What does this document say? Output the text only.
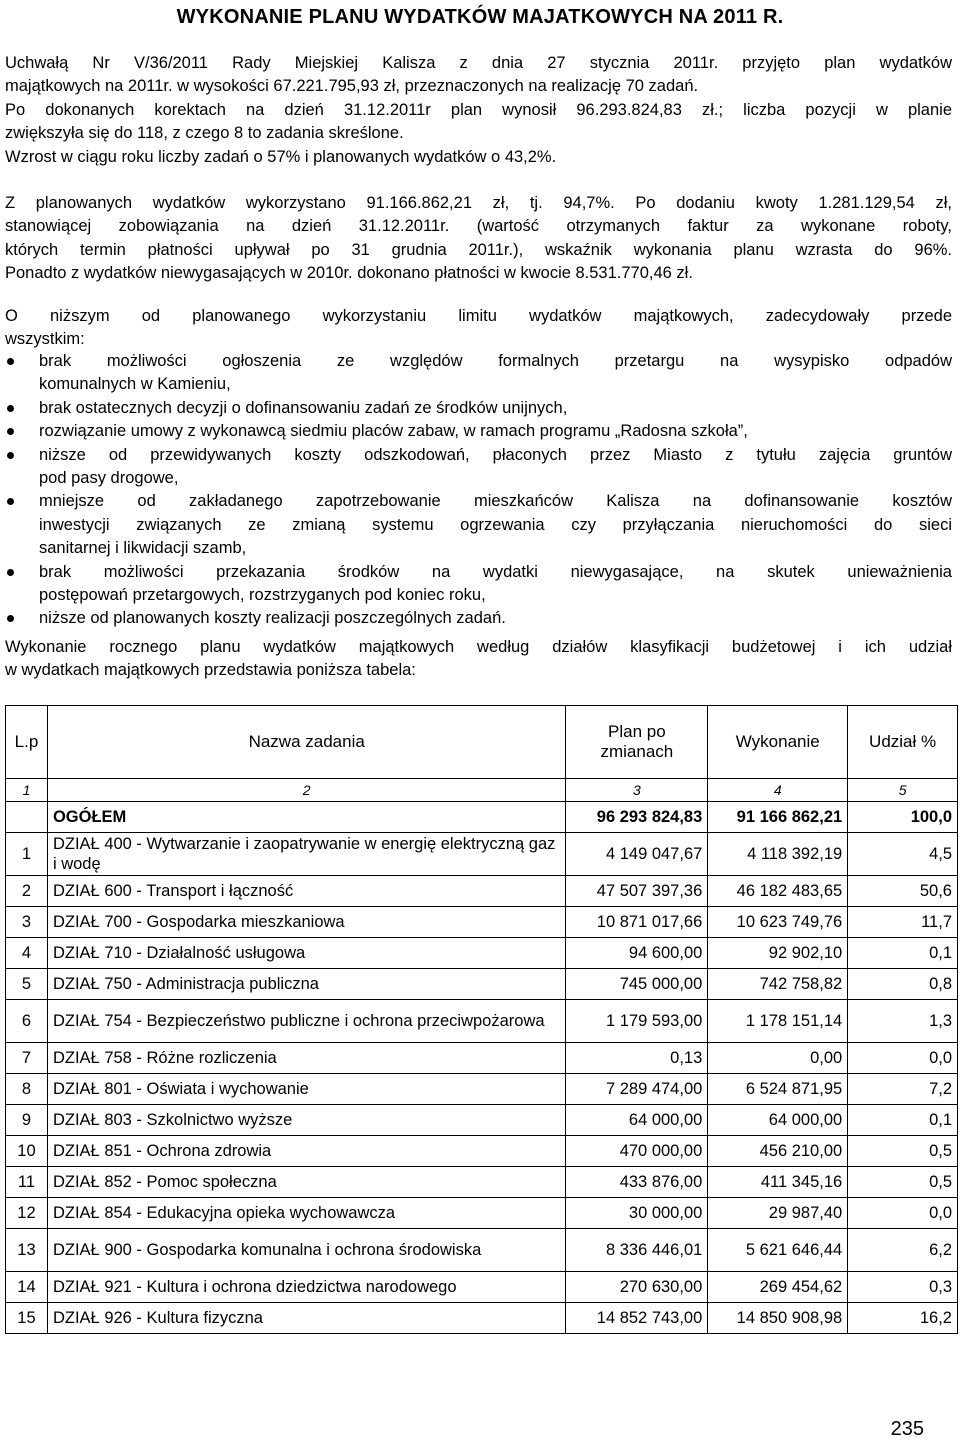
WYKONANIE PLANU WYDATKÓW MAJATKOWYCH NA 2011 R.
Uchwałą Nr V/36/2011 Rady Miejskiej Kalisza z dnia 27 stycznia 2011r. przyjęto plan wydatków
majątkowych na 2011r. w wysokości 67.221.795,93 zł, przeznaczonych na realizację 70 zadań.
Po dokonanych korektach na dzień 31.12.2011r plan wynosił 96.293.824,83 zł.; liczba pozycji w planie
zwiększyła się do 118, z czego 8 to zadania skreślone.
Wzrost w ciągu roku liczby zadań o 57% i planowanych wydatków o 43,2%.
Z planowanych wydatków wykorzystano 91.166.862,21 zł, tj. 94,7%. Po dodaniu kwoty 1.281.129,54 zł,
stanowiącej zobowiązania na dzień 31.12.2011r. (wartość otrzymanych faktur za wykonane roboty,
których termin płatności upływał po 31 grudnia 2011r.), wskaźnik wykonania planu wzrasta do 96%.
Ponadto z wydatków niewygasających w 2010r. dokonano płatności w kwocie 8.531.770,46 zł.
O niższym od planowanego wykorzystaniu limitu wydatków majątkowych, zadecydowały przede
wszystkim:
brak możliwości ogłoszenia ze względów formalnych przetargu na wysypisko odpadów
komunalnych w Kamieniu,
brak ostatecznych decyzji o dofinansowaniu zadań ze środków unijnych,
rozwiązanie umowy z wykonawcą siedmiu placów zabaw, w ramach programu „Radosna szkoła”,
niższe od przewidywanych koszty odszkodowań, płaconych przez Miasto z tytułu zajęcia gruntów
pod pasy drogowe,
mniejsze od zakładanego zapotrzebowanie mieszkańców Kalisza na dofinansowanie kosztów
inwestycji związanych ze zmianą systemu ogrzewania czy przyłączania nieruchomości do sieci
sanitarnej i likwidacji szamb,
brak możliwości przekazania środków na wydatki niewygasające, na skutek unieważnienia
postępowań przetargowych, rozstrzyganych pod koniec roku,
niższe od planowanych koszty realizacji poszczególnych zadań.
Wykonanie rocznego planu wydatków majątkowych według działów klasyfikacji budżetowej i ich udział
w wydatkach majątkowych przedstawia poniższa tabela:
L.p	Nazwa zadania	Plan po zmianach	Wykonanie	Udział %
1	2	3	4	5
	OGÓŁEM	96 293 824,83	91 166 862,21	100,0
1	DZIAŁ 400 - Wytwarzanie i zaopatrywanie w energię elektryczną gaz i wodę	4 149 047,67	4 118 392,19	4,5
2	DZIAŁ 600 - Transport i łączność	47 507 397,36	46 182 483,65	50,6
3	DZIAŁ 700 - Gospodarka mieszkaniowa	10 871 017,66	10 623 749,76	11,7
4	DZIAŁ 710 - Działalność usługowa	94 600,00	92 902,10	0,1
5	DZIAŁ 750 - Administracja publiczna	745 000,00	742 758,82	0,8
6	DZIAŁ 754 - Bezpieczeństwo publiczne i ochrona przeciwpożarowa	1 179 593,00	1 178 151,14	1,3
7	DZIAŁ 758 - Różne rozliczenia	0,13	0,00	0,0
8	DZIAŁ 801 - Oświata i wychowanie	7 289 474,00	6 524 871,95	7,2
9	DZIAŁ 803 - Szkolnictwo wyższe	64 000,00	64 000,00	0,1
10	DZIAŁ 851 - Ochrona zdrowia	470 000,00	456 210,00	0,5
11	DZIAŁ 852 - Pomoc społeczna	433 876,00	411 345,16	0,5
12	DZIAŁ 854 - Edukacyjna opieka wychowawcza	30 000,00	29 987,40	0,0
13	DZIAŁ 900 - Gospodarka komunalna i ochrona środowiska	8 336 446,01	5 621 646,44	6,2
14	DZIAŁ 921 - Kultura i ochrona dziedzictwa narodowego	270 630,00	269 454,62	0,3
15	DZIAŁ 926 - Kultura fizyczna	14 852 743,00	14 850 908,98	16,2
235
